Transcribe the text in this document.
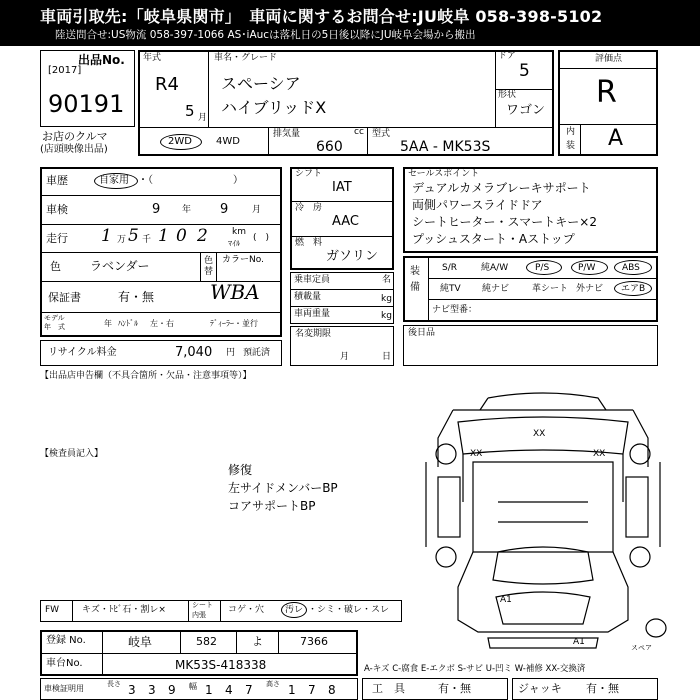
車両引取先:「岐阜県関市」　車両に関するお問合せ:JU岐阜 058-398-5102
陸送問合せ:US物流 058-397-1066 AS･iAucは落札日の5日後以降にJU岐阜会場から搬出
出品No.
[2017]
90191
お店のクルマ
(店頭映像出品)
年式
R4
5 月
車名・グレード
スペーシア
ハイブリッドX
ドア
5
形状
ワゴン
2WD 4WD
排気量	cc
660
型式
5AA - MK53S
評価点
R
内
装 A
車歴	自家用 ・（　　　　　　　　）
車検	9 年 9	月
走行 1 万 5 千 1 0 2	km
ﾏｲﾙ
(　)
色 ラベンダー	色
替
カラーNo.
保証書	有・無	WBA
モデル
年　式	年 ﾊﾝﾄﾞﾙ 左・右	ﾃﾞｨｰﾗｰ・並行
リサイクル料金	7,040 円 預託済
シフト
IAT
冷　房
AAC
燃　料
ガソリン
乗車定員	名
積載量	kg
車両重量	kg
名変期限
月	日
セールスポイント
デュアルカメラブレーキサポート
両側パワースライドドア
シートヒーター・スマートキー×2
プッシュスタート・Aストップ
装
備
S/R	純A/W	P/S	P/W	ABS
純TV 純ナビ	革シート 外ナビ エアB
ナビ型番：
後日品
【出品店申告欄（不具合箇所・欠品・注意事項等）】
【検査員記入】
修復
左サイドメンバーBP
コアサポートBP
XX
XX	XX
A1
A1
スペア
FW	キズ・ﾄﾋﾞ石・割レ×	シート
内張 コゲ・穴 汚レ ・シミ・破レ・スレ
登録 No.	岐阜	582	よ	7366
車台No.	MK53S-418338	A-キズ C-腐食 E-エクボ S-サビ U-凹ミ W-補修 XX-交換済
車検証明用	長さ 3 3 9 幅 1 4 7 高さ 1 7 8	工　具	有・無	ジャッキ 有・無
